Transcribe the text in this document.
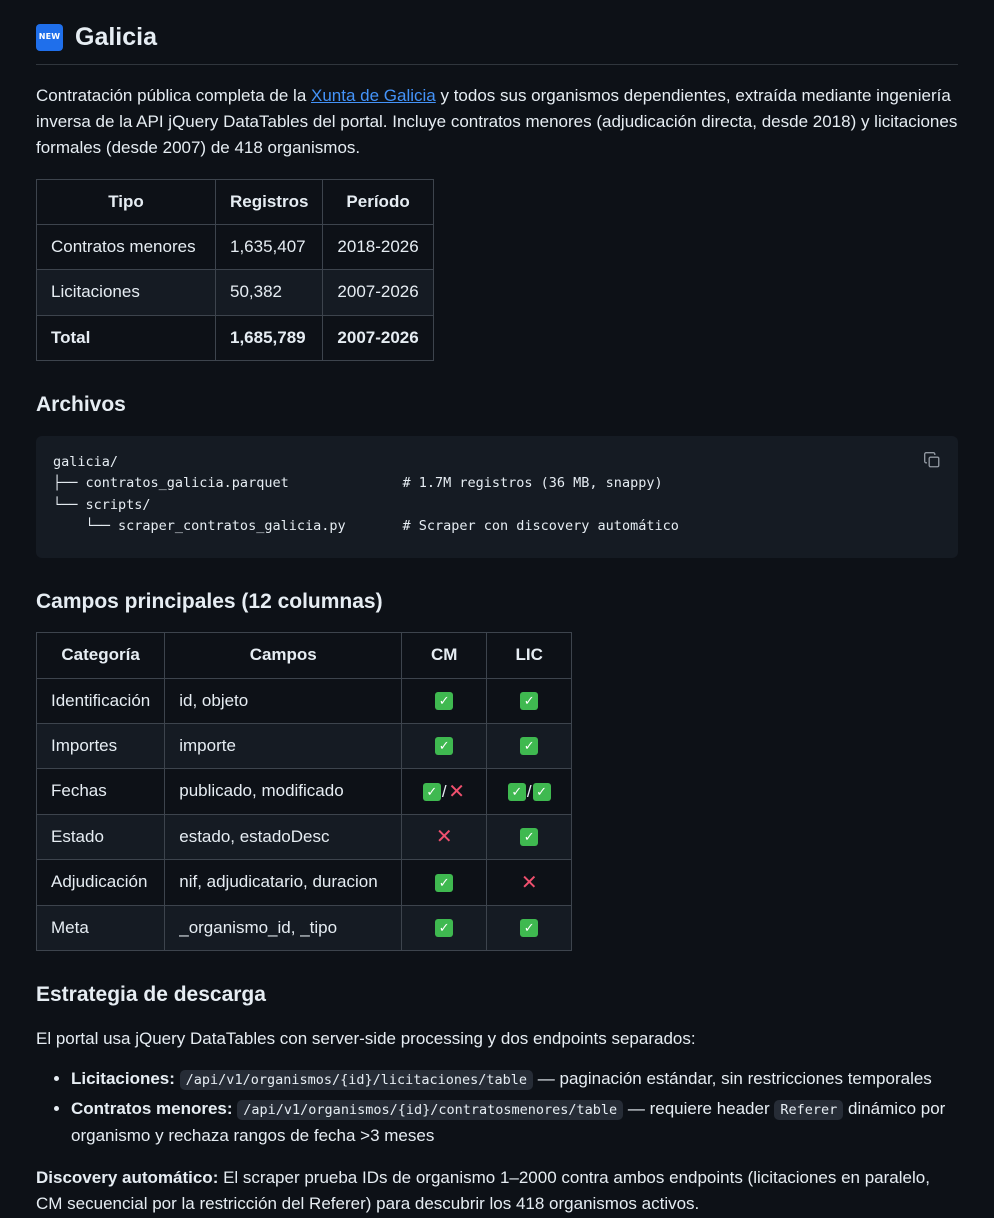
NEW Galicia

Contratación pública completa de la Xunta de Galicia y todos sus organismos dependientes, extraída mediante ingeniería inversa de la API jQuery DataTables del portal. Incluye contratos menores (adjudicación directa, desde 2018) y licitaciones formales (desde 2007) de 418 organismos.

Tipo	Registros	Período
Contratos menores	1,635,407	2018-2026
Licitaciones	50,382	2007-2026
Total	1,685,789	2007-2026
Archivos
galicia/
├── contratos_galicia.parquet              # 1.7M registros (36 MB, snappy)
└── scripts/
└── scraper_contratos_galicia.py       # Scraper con discovery automático
Campos principales (12 columnas)
Categoría	Campos	CM	LIC
Identificación	id, objeto	✓	✓
Importes	importe	✓	✓
Fechas	publicado, modificado	✓ /✕	✓ / ✓
Estado	estado, estadoDesc	✕	✓
Adjudicación	nif, adjudicatario, duracion	✓	✕
Meta	_organismo_id, _tipo	✓	✓
Estrategia de descarga

El portal usa jQuery DataTables con server-side processing y dos endpoints separados:

• Licitaciones: /api/v1/organismos/{id}/licitaciones/table — paginación estándar, sin restricciones temporales
• Contratos menores: /api/v1/organismos/{id}/contratosmenores/table — requiere header Referer dinámico por organismo y rechaza rangos de fecha >3 meses

Discovery automático: El scraper prueba IDs de organismo 1–2000 contra ambos endpoints (licitaciones en paralelo, CM secuencial por la restricción del Referer) para descubrir los 418 organismos activos.
